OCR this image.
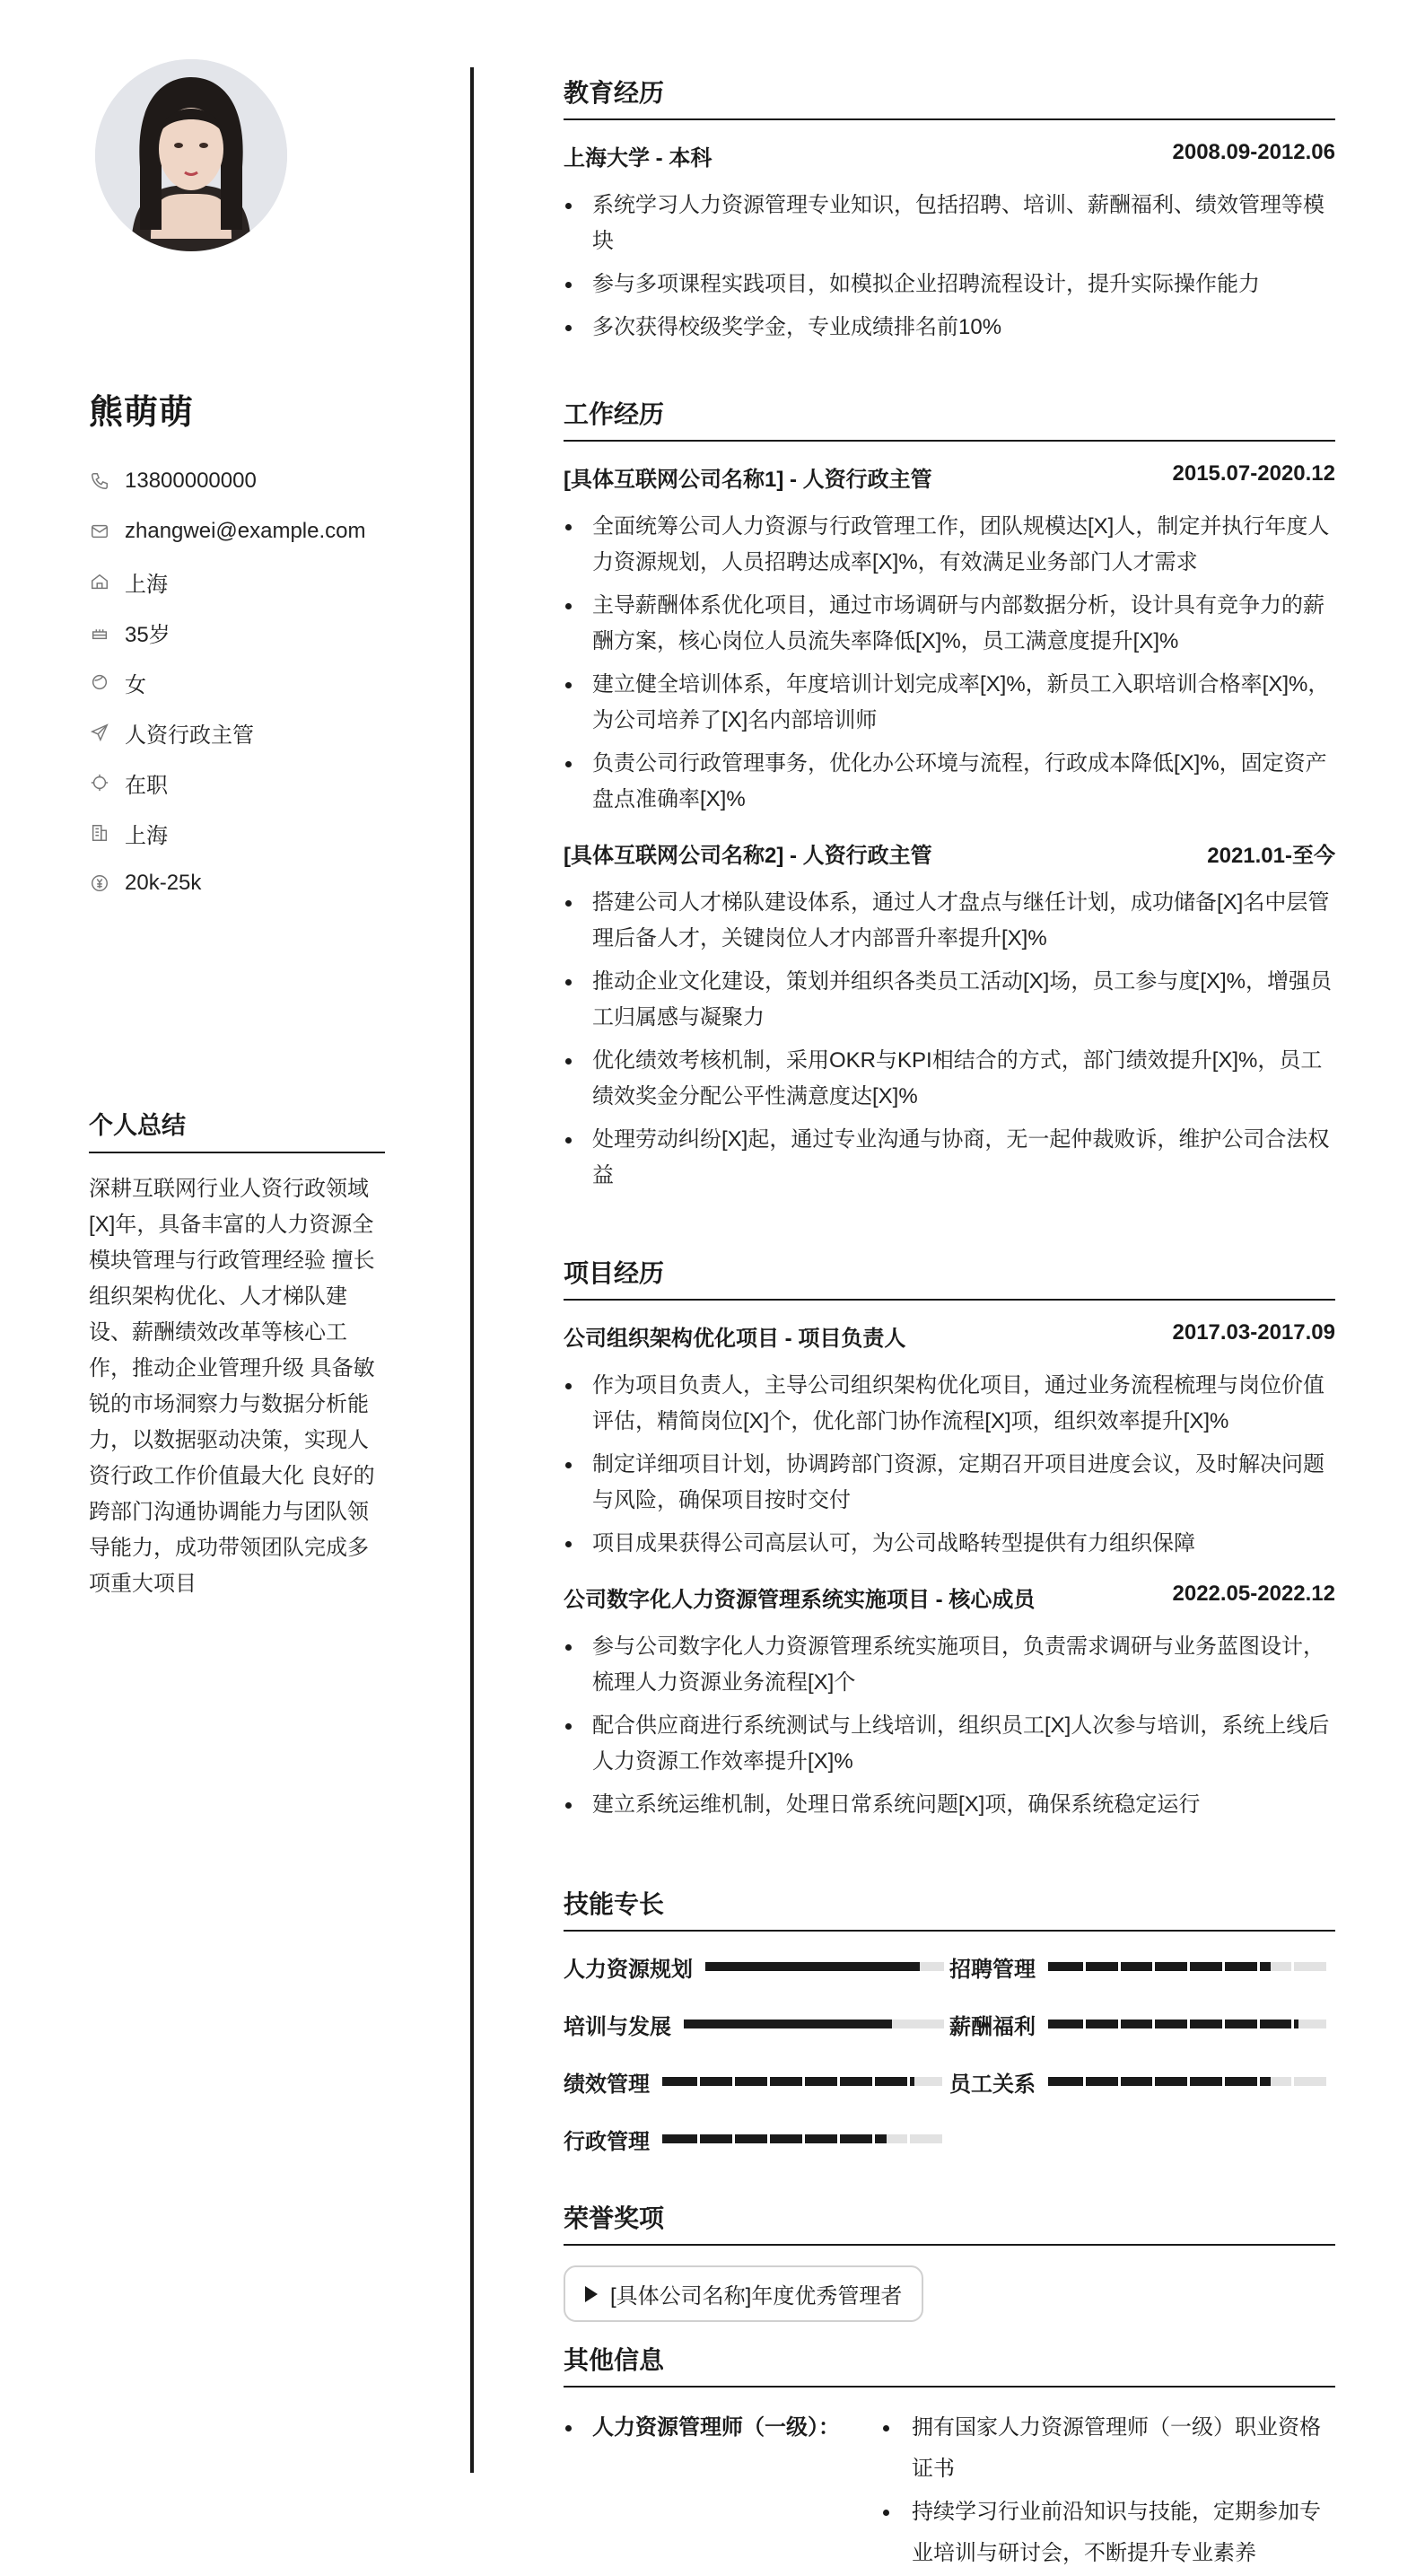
熊萌萌
13800000000
zhangwei@example.com
上海
35岁
女
人资行政主管
在职
上海
20k-25k
个人总结
深耕互联网行业人资行政领域[X]年，具备丰富的人力资源全模块管理与行政管理经验 擅长组织架构优化、人才梯队建设、薪酬绩效改革等核心工作，推动企业管理升级 具备敏锐的市场洞察力与数据分析能力，以数据驱动决策，实现人资行政工作价值最大化 良好的跨部门沟通协调能力与团队领导能力，成功带领团队完成多项重大项目
教育经历
上海大学 - 本科	2008.09-2012.06
系统学习人力资源管理专业知识，包括招聘、培训、薪酬福利、绩效管理等模块
参与多项课程实践项目，如模拟企业招聘流程设计，提升实际操作能力
多次获得校级奖学金，专业成绩排名前10%
工作经历
[具体互联网公司名称1] - 人资行政主管	2015.07-2020.12
全面统筹公司人力资源与行政管理工作，团队规模达[X]人，制定并执行年度人力资源规划，人员招聘达成率[X]%，有效满足业务部门人才需求
主导薪酬体系优化项目，通过市场调研与内部数据分析，设计具有竞争力的薪酬方案，核心岗位人员流失率降低[X]%，员工满意度提升[X]%
建立健全培训体系，年度培训计划完成率[X]%，新员工入职培训合格率[X]%，为公司培养了[X]名内部培训师
负责公司行政管理事务，优化办公环境与流程，行政成本降低[X]%，固定资产盘点准确率[X]%
[具体互联网公司名称2] - 人资行政主管	2021.01-至今
搭建公司人才梯队建设体系，通过人才盘点与继任计划，成功储备[X]名中层管理后备人才，关键岗位人才内部晋升率提升[X]%
推动企业文化建设，策划并组织各类员工活动[X]场，员工参与度[X]%，增强员工归属感与凝聚力
优化绩效考核机制，采用OKR与KPI相结合的方式，部门绩效提升[X]%，员工绩效奖金分配公平性满意度达[X]%
处理劳动纠纷[X]起，通过专业沟通与协商，无一起仲裁败诉，维护公司合法权益
项目经历
公司组织架构优化项目 - 项目负责人	2017.03-2017.09
作为项目负责人，主导公司组织架构优化项目，通过业务流程梳理与岗位价值评估，精简岗位[X]个，优化部门协作流程[X]项，组织效率提升[X]%
制定详细项目计划，协调跨部门资源，定期召开项目进度会议，及时解决问题与风险，确保项目按时交付
项目成果获得公司高层认可，为公司战略转型提供有力组织保障
公司数字化人力资源管理系统实施项目 - 核心成员	2022.05-2022.12
参与公司数字化人力资源管理系统实施项目，负责需求调研与业务蓝图设计，梳理人力资源业务流程[X]个
配合供应商进行系统测试与上线培训，组织员工[X]人次参与培训，系统上线后人力资源工作效率提升[X]%
建立系统运维机制，处理日常系统问题[X]项，确保系统稳定运行
技能专长
人力资源规划	招聘管理
培训与发展	薪酬福利
绩效管理	员工关系
行政管理
荣誉奖项
[具体公司名称]年度优秀管理者
其他信息
人力资源管理师（一级）：	拥有国家人力资源管理师（一级）职业资格证书
持续学习行业前沿知识与技能，定期参加专业培训与研讨会，不断提升专业素养
